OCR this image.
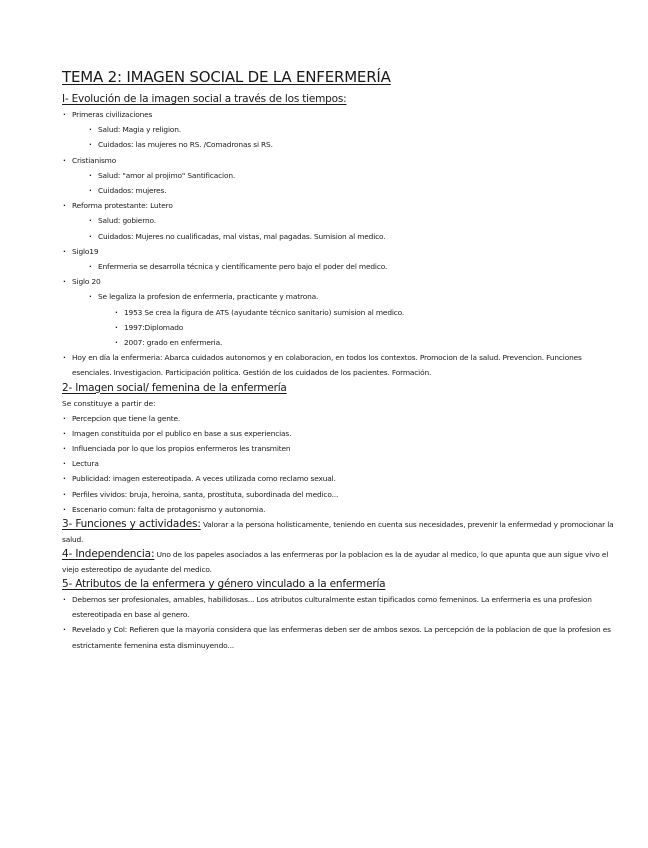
TEMA 2: IMAGEN SOCIAL DE LA ENFERMERÍA
I- Evolución de la imagen social a través de los tiempos:
· Primeras civilizaciones
· Salud: Magia y religion.
· Cuidados: las mujeres no RS. /Comadronas si RS.
· Cristianismo
· Salud: "amor al projimo" Santificacion.
· Cuidados: mujeres.
· Reforma protestante: Lutero
· Salud: gobierno.
· Cuidados: Mujeres no cualificadas, mal vistas, mal pagadas. Sumision al medico.
· Siglo19
· Enfermeria se desarrolla técnica y científicamente pero bajo el poder del medico.
· Siglo 20
· Se legaliza la profesion de enfermeria, practicante y matrona.
· 1953 Se crea la figura de ATS (ayudante técnico sanitario) sumision al medico.
· 1997:Diplomado
· 2007: grado en enfermeria.
· Hoy en día la enfermeria: Abarca cuidados autonomos y en colaboracion, en todos los contextos. Promocion de la salud. Prevencion. Funciones esenciales. Investigacion. Participación politica. Gestión de los cuidados de los pacientes. Formación.
2- Imagen social/ femenina de la enfermería
Se constituye a partir de:
· Percepcion que tiene la gente.
· Imagen constituida por el publico en base a sus experiencias.
· Influenciada por lo que los propios enfermeros les transmiten
· Lectura
· Publicidad: imagen estereotipada. A veces utilizada como reclamo sexual.
· Perfiles vividos: bruja, heroina, santa, prostituta, subordinada del medico...
· Escenario comun: falta de protagonismo y autonomia.
3- Funciones y actividades: Valorar a la persona holisticamente, teniendo en cuenta sus necesidades, prevenir la enfermedad y promocionar la salud.
4- Independencia: Uno de los papeles asociados a las enfermeras por la poblacion es la de ayudar al medico, lo que apunta que aun sigue vivo el viejo estereotipo de ayudante del medico.
5- Atributos de la enfermera y género vinculado a la enfermería
· Debemos ser profesionales, amables, habilidosas... Los atributos culturalmente estan tipificados como femeninos. La enfermeria es una profesion estereotipada en base al genero.
· Revelado y Col: Refieren que la mayoria considera que las enfermeras deben ser de ambos sexos. La percepción de la poblacion de que la profesion es estrictamente femenina esta disminuyendo...
